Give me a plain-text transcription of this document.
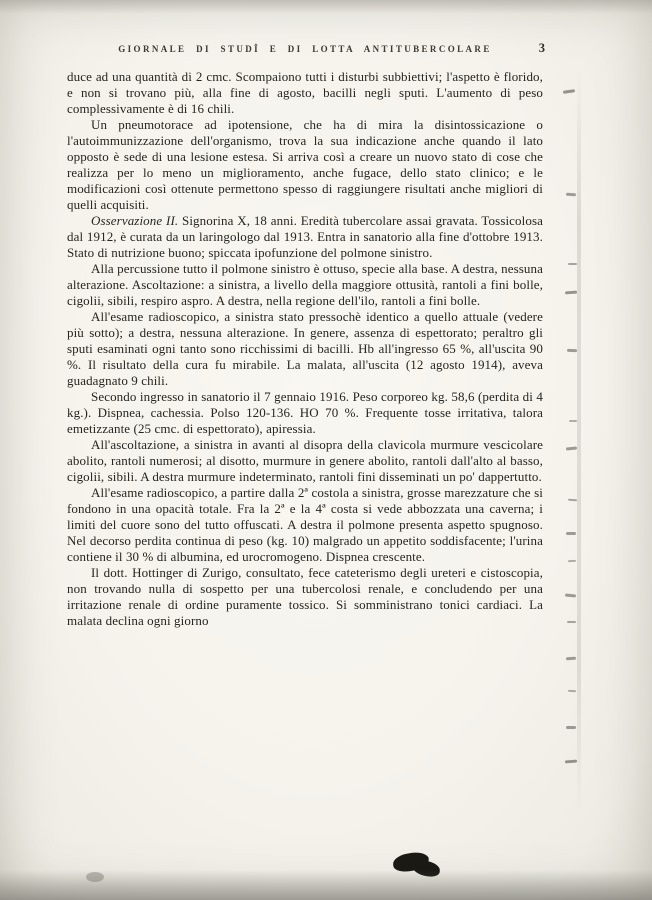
GIORNALE DI STUDÎ E DI LOTTA ANTITUBERCOLARE	3

duce ad una quantità di 2 cmc. Scompaiono tutti i disturbi subbiettivi; l'aspetto è florido, e non si trovano più, alla fine di agosto, bacilli negli sputi. L'aumento di peso complessivamente è di 16 chili.

Un pneumotorace ad ipotensione, che ha di mira la disintossicazione o l'autoimmunizzazione dell'organismo, trova la sua indicazione anche quando il lato opposto è sede di una lesione estesa. Si arriva così a creare un nuovo stato di cose che realizza per lo meno un miglioramento, anche fugace, dello stato clinico; e le modificazioni così ottenute permettono spesso di raggiungere risultati anche migliori di quelli acquisiti.

Osservazione II. Signorina X, 18 anni. Eredità tubercolare assai gravata. Tossicolosa dal 1912, è curata da un laringologo dal 1913. Entra in sanatorio alla fine d'ottobre 1913. Stato di nutrizione buono; spiccata ipofunzione del polmone sinistro.

Alla percussione tutto il polmone sinistro è ottuso, specie alla base. A destra, nessuna alterazione. Ascoltazione: a sinistra, a livello della maggiore ottusità, rantoli a fini bolle, cigolii, sibili, respiro aspro. A destra, nella regione dell'ilo, rantoli a fini bolle.

All'esame radioscopico, a sinistra stato pressochè identico a quello attuale (vedere più sotto); a destra, nessuna alterazione. In genere, assenza di espettorato; peraltro gli sputi esaminati ogni tanto sono ricchissimi di bacilli. Hb all'ingresso 65 %, all'uscita 90 %. Il risultato della cura fu mirabile. La malata, all'uscita (12 agosto 1914), aveva guadagnato 9 chili.

Secondo ingresso in sanatorio il 7 gennaio 1916. Peso corporeo kg. 58,6 (perdita di 4 kg.). Dispnea, cachessia. Polso 120-136. HO 70 %. Frequente tosse irritativa, talora emetizzante (25 cmc. di espettorato), apiressia.

All'ascoltazione, a sinistra in avanti al disopra della clavicola murmure vescicolare abolito, rantoli numerosi; al disotto, murmure in genere abolito, rantoli dall'alto al basso, cigolii, sibili. A destra murmure indeterminato, rantoli fini disseminati un po' dappertutto.

All'esame radioscopico, a partire dalla 2ª costola a sinistra, grosse marezzature che si fondono in una opacità totale. Fra la 2ª e la 4ª costa si vede abbozzata una caverna; i limiti del cuore sono del tutto offuscati. A destra il polmone presenta aspetto spugnoso. Nel decorso perdita continua di peso (kg. 10) malgrado un appetito soddisfacente; l'urina contiene il 30 % di albumina, ed urocromogeno. Dispnea crescente.

Il dott. Hottinger di Zurigo, consultato, fece cateterismo degli ureteri e cistoscopia, non trovando nulla di sospetto per una tubercolosi renale, e concludendo per una irritazione renale di ordine puramente tossico. Si somministrano tonici cardiaci. La malata declina ogni giorno
